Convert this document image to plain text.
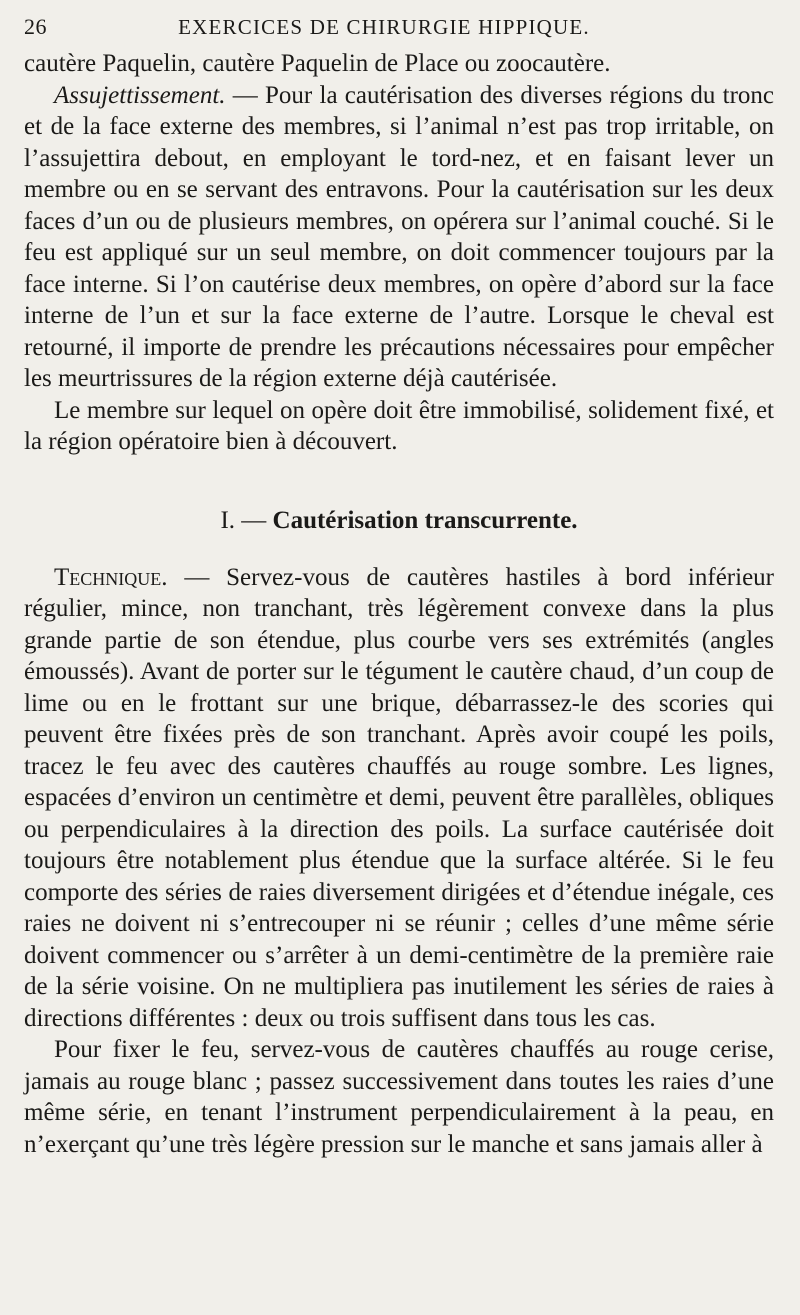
26	EXERCICES DE CHIRURGIE HIPPIQUE.

cautère Paquelin, cautère Paquelin de Place ou zoocautère.

Assujettissement. — Pour la cautérisation des diverses régions du tronc et de la face externe des membres, si l’animal n’est pas trop irritable, on l’assujettira debout, en employant le tord-nez, et en faisant lever un membre ou en se servant des entravons. Pour la cautérisation sur les deux faces d’un ou de plusieurs membres, on opérera sur l’animal couché. Si le feu est appliqué sur un seul membre, on doit commencer toujours par la face interne. Si l’on cautérise deux membres, on opère d’abord sur la face interne de l’un et sur la face externe de l’autre. Lorsque le cheval est retourné, il importe de prendre les précautions nécessaires pour empêcher les meurtrissures de la région externe déjà cautérisée.

Le membre sur lequel on opère doit être immobilisé, solidement fixé, et la région opératoire bien à découvert.

I. — Cautérisation transcurrente.

Technique. — Servez-vous de cautères hastiles à bord inférieur régulier, mince, non tranchant, très légèrement convexe dans la plus grande partie de son étendue, plus courbe vers ses extrémités (angles émoussés). Avant de porter sur le tégument le cautère chaud, d’un coup de lime ou en le frottant sur une brique, débarrassez-le des scories qui peuvent être fixées près de son tranchant. Après avoir coupé les poils, tracez le feu avec des cautères chauffés au rouge sombre. Les lignes, espacées d’environ un centimètre et demi, peuvent être parallèles, obliques ou perpendiculaires à la direction des poils. La surface cautérisée doit toujours être notablement plus étendue que la surface altérée. Si le feu comporte des séries de raies diversement dirigées et d’étendue inégale, ces raies ne doivent ni s’entrecouper ni se réunir ; celles d’une même série doivent commencer ou s’arrêter à un demi-centimètre de la première raie de la série voisine. On ne multipliera pas inutilement les séries de raies à directions différentes : deux ou trois suffisent dans tous les cas.

Pour fixer le feu, servez-vous de cautères chauffés au rouge cerise, jamais au rouge blanc ; passez successivement dans toutes les raies d’une même série, en tenant l’instrument perpendiculairement à la peau, en n’exerçant qu’une très légère pression sur le manche et sans jamais aller à
